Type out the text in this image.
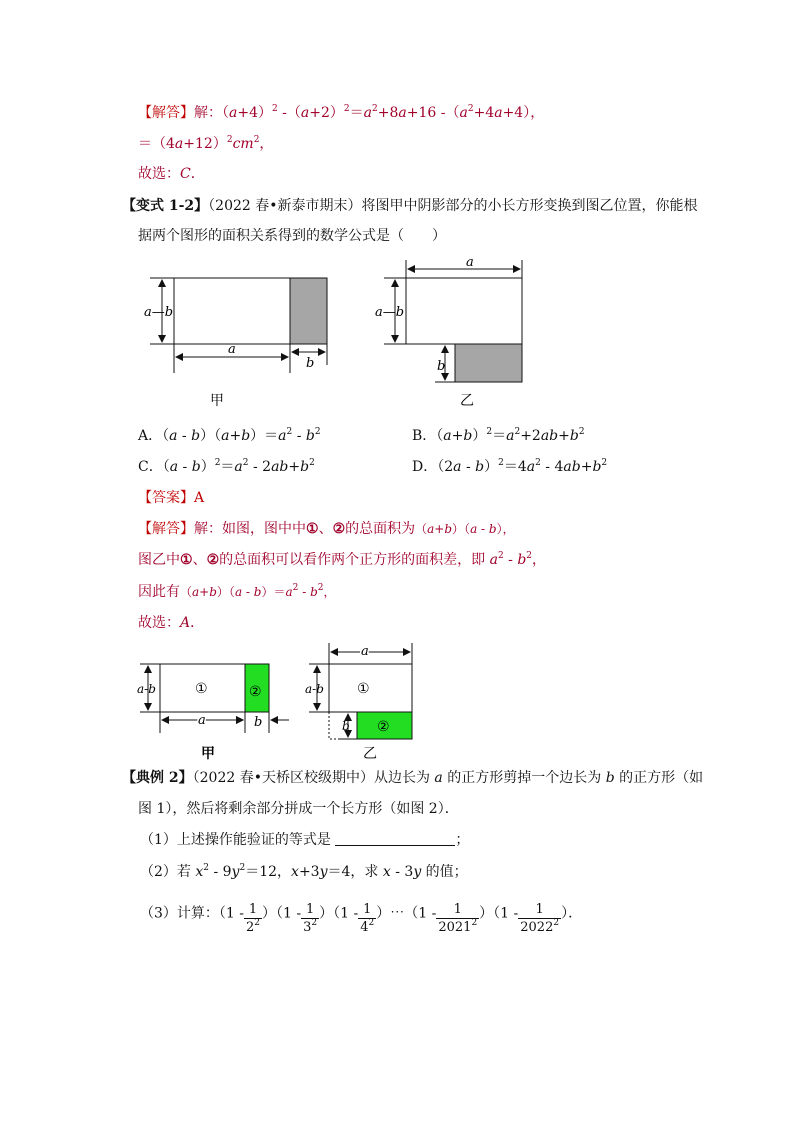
【解答】解：$(a+4)^2$ $-(a+2)^2=a^2+8a+16$ $-(a^2+4a+4)$，
$=(4a+12)^2cm^2$，
故选：C．
【变式 1-2】（2022 春•新泰市期末）将图甲中阴影部分的小长方形变换到图乙位置，你能根
据两个图形的面积关系得到的数学公式是（　　）
a—b
a
b
甲
a
a—b
b
乙
A．$(a - b)(a+b)=a^2 - b^2$	B．$(a+b)^2=a^2+2ab+b^2$
C．$(a - b)^2=a^2 - 2ab+b^2$	D．$(2a - b)^2=4a^2 - 4ab+b^2$
【答案】A
【解答】解：如图，图中中①、②的总面积为（a+b）（a - b），
图乙中①、②的总面积可以看作两个正方形的面积差，即 $a^2 - b^2$，
因此有$(a+b)(a - b)=a^2 - b^2$，
故选：A．
①	②
a-b
a	b
甲
①
②
a
a-b
b
乙
【典例 2】（2022 春•天桥区校级期中）从边长为 a 的正方形剪掉一个边长为 b 的正方形（如
图 1），然后将剩余部分拼成一个长方形（如图 2）．
（1）上述操作能验证的等式是	；
（2）若 $x^2 - 9y^2=12$，x+3y＝4，求 x - 3y 的值；
（3）计算：$(1 - \frac{1}{2^2} )(1 - \frac{1}{3^2} )(1 - \frac{1}{4^2}$ ）⋯（1 - $\frac{1}{2021^2} )(1 - \frac{1}{2022^2}$ ）．
